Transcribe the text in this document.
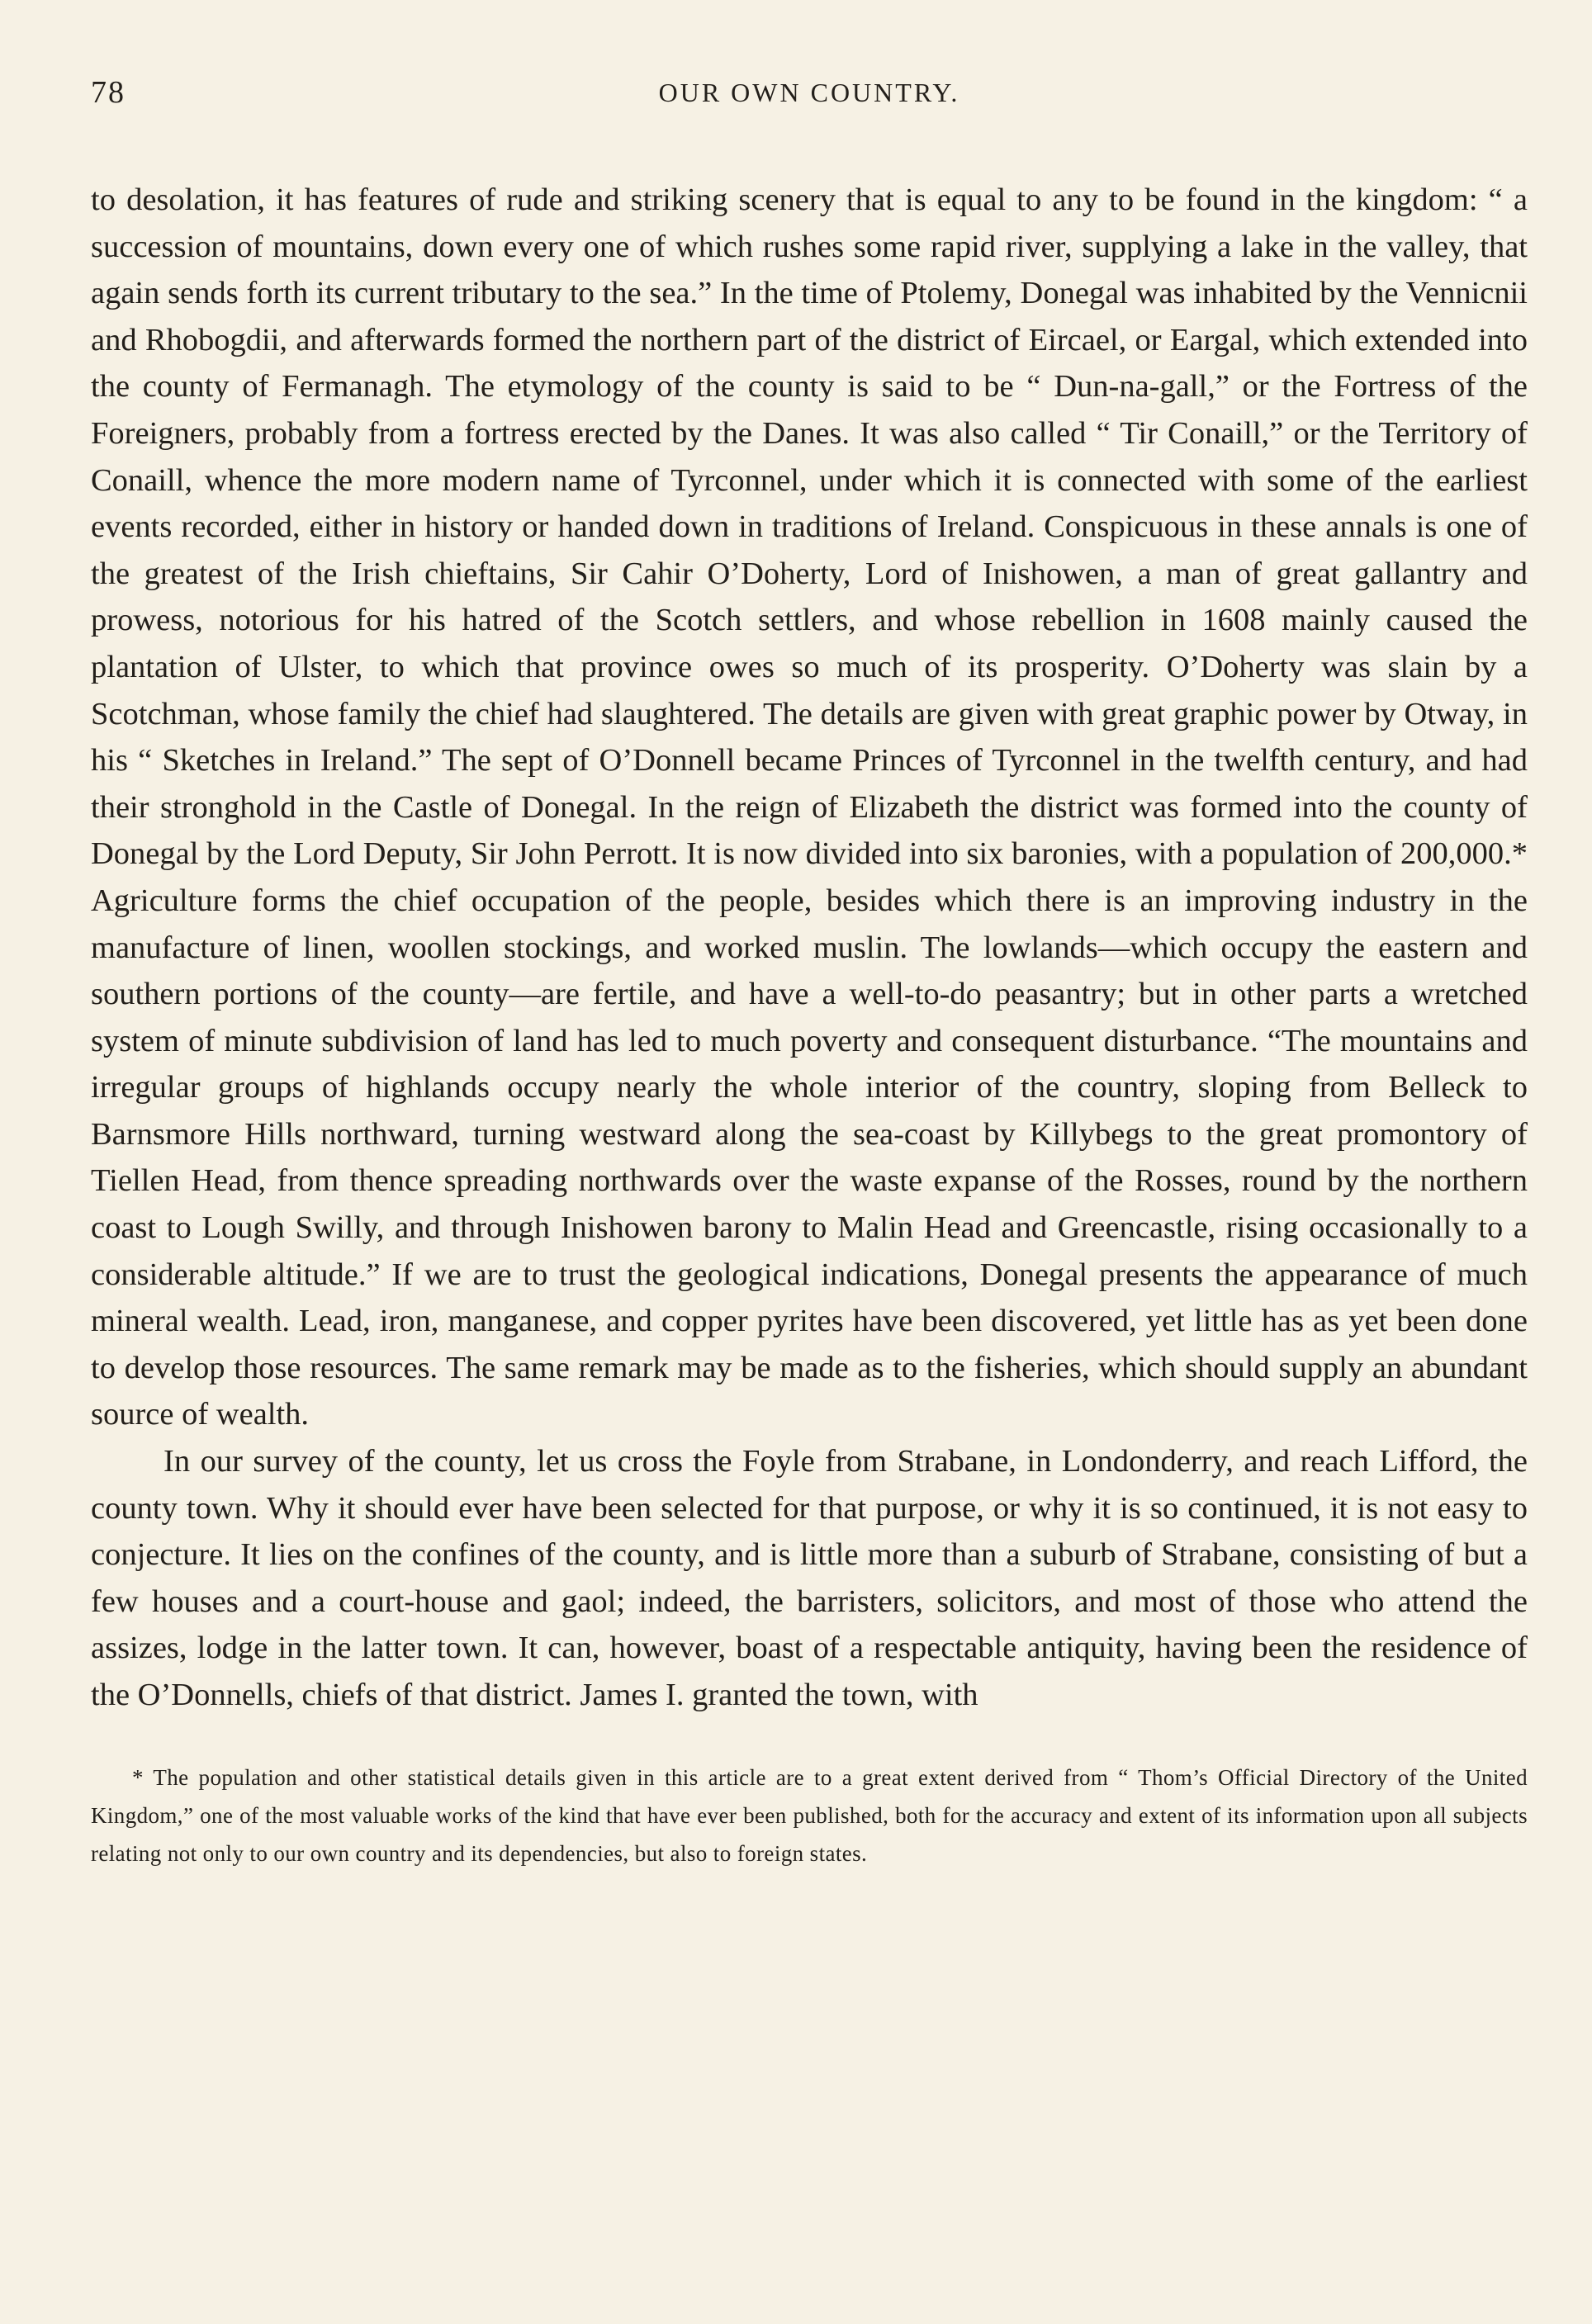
78	OUR OWN COUNTRY.

to desolation, it has features of rude and striking scenery that is equal to any to be found in the kingdom: “ a succession of mountains, down every one of which rushes some rapid river, supplying a lake in the valley, that again sends forth its current tributary to the sea.” In the time of Ptolemy, Donegal was inhabited by the Vennicnii and Rhobogdii, and afterwards formed the northern part of the district of Eircael, or Eargal, which extended into the county of Fermanagh. The etymology of the county is said to be “ Dun-na-gall,” or the Fortress of the Foreigners, probably from a fortress erected by the Danes. It was also called “ Tir Conaill,” or the Territory of Conaill, whence the more modern name of Tyrconnel, under which it is connected with some of the earliest events recorded, either in history or handed down in traditions of Ireland. Conspicuous in these annals is one of the greatest of the Irish chieftains, Sir Cahir O’Doherty, Lord of Inishowen, a man of great gallantry and prowess, notorious for his hatred of the Scotch settlers, and whose rebellion in 1608 mainly caused the plantation of Ulster, to which that province owes so much of its prosperity. O’Doherty was slain by a Scotchman, whose family the chief had slaughtered. The details are given with great graphic power by Otway, in his “ Sketches in Ireland.” The sept of O’Donnell became Princes of Tyrconnel in the twelfth century, and had their stronghold in the Castle of Donegal. In the reign of Elizabeth the district was formed into the county of Donegal by the Lord Deputy, Sir John Perrott. It is now divided into six baronies, with a population of 200,000.* Agriculture forms the chief occupation of the people, besides which there is an improving industry in the manufacture of linen, woollen stockings, and worked muslin. The lowlands—which occupy the eastern and southern portions of the county—are fertile, and have a well-to-do peasantry; but in other parts a wretched system of minute subdivision of land has led to much poverty and consequent disturbance. “The mountains and irregular groups of highlands occupy nearly the whole interior of the country, sloping from Belleck to Barnsmore Hills northward, turning westward along the sea-coast by Killybegs to the great promontory of Tiellen Head, from thence spreading northwards over the waste expanse of the Rosses, round by the northern coast to Lough Swilly, and through Inishowen barony to Malin Head and Greencastle, rising occasionally to a considerable altitude.” If we are to trust the geological indications, Donegal presents the appearance of much mineral wealth. Lead, iron, manganese, and copper pyrites have been discovered, yet little has as yet been done to develop those resources. The same remark may be made as to the fisheries, which should supply an abundant source of wealth.

In our survey of the county, let us cross the Foyle from Strabane, in Londonderry, and reach Lifford, the county town. Why it should ever have been selected for that purpose, or why it is so continued, it is not easy to conjecture. It lies on the confines of the county, and is little more than a suburb of Strabane, consisting of but a few houses and a court-house and gaol; indeed, the barristers, solicitors, and most of those who attend the assizes, lodge in the latter town. It can, however, boast of a respectable antiquity, having been the residence of the O’Donnells, chiefs of that district. James I. granted the town, with

* The population and other statistical details given in this article are to a great extent derived from “ Thom’s Official Directory of the United Kingdom,” one of the most valuable works of the kind that have ever been published, both for the accuracy and extent of its information upon all subjects relating not only to our own country and its dependencies, but also to foreign states.
